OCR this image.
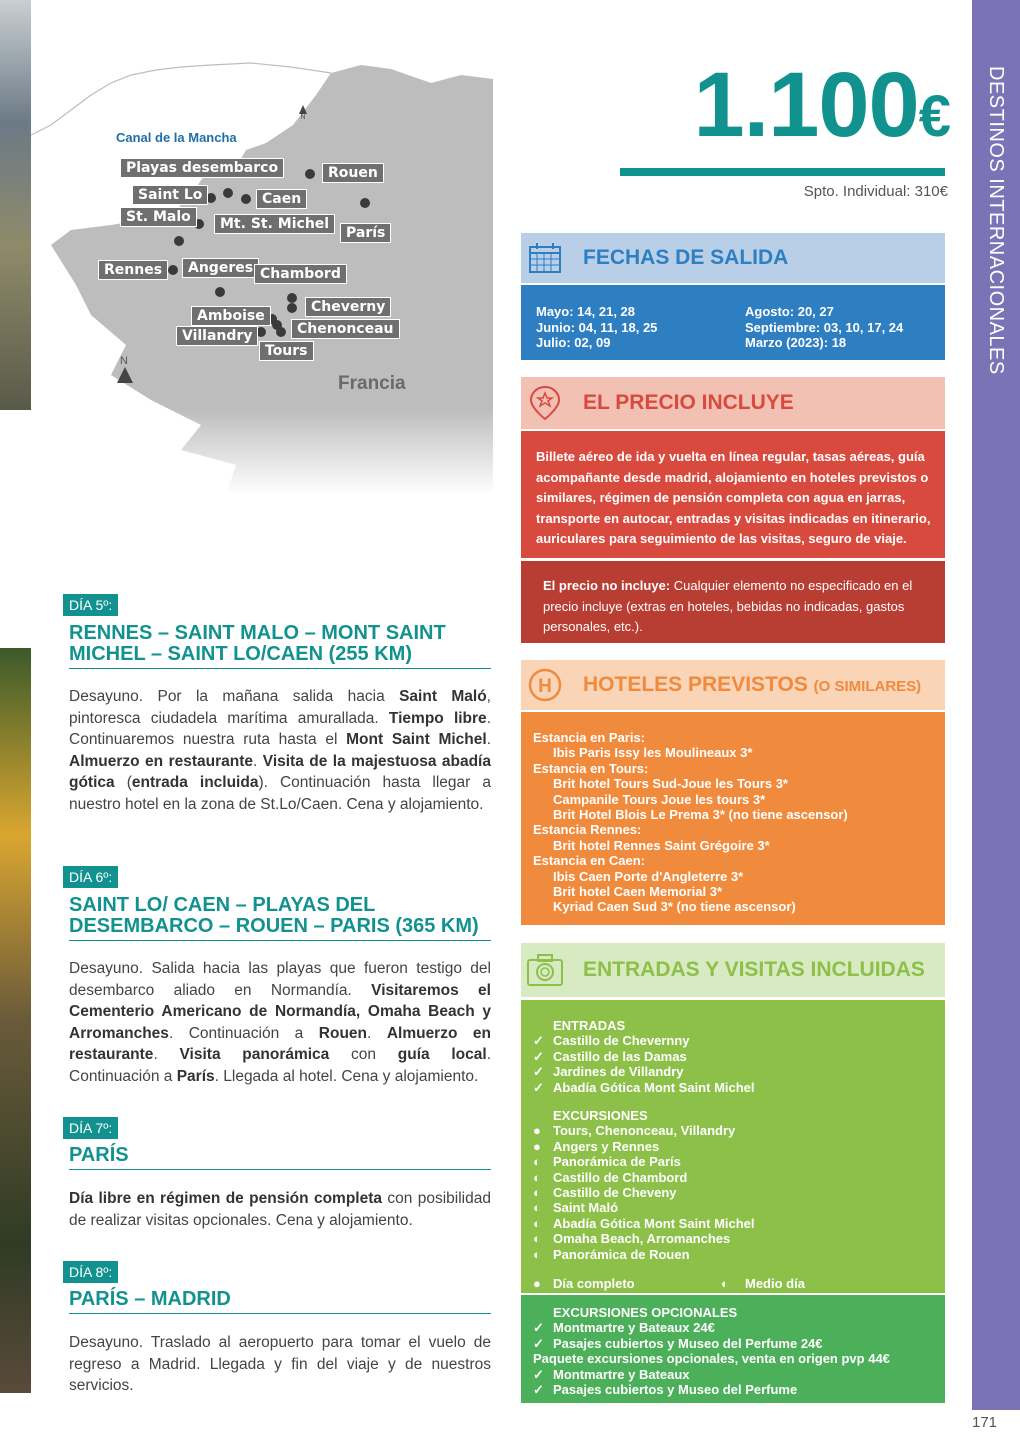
DESTINOS INTERNACIONALES
171
Canal de la Mancha
Francia
N
N
Playas desembarco	Rouen
Saint Lo	Caen
St. Malo	Mt. St. Michel
París
Rennes	Angeres Chambord
Cheverny
Amboise
Chenonceau
Villandry
Tours
1.100€
Spto. Individual: 310€
FECHAS DE SALIDA
Mayo: 14, 21, 28
Junio: 04, 11, 18, 25
Julio: 02, 09
Agosto: 20, 27
Septiembre: 03, 10, 17, 24
Marzo (2023): 18
EL PRECIO INCLUYE
Billete aéreo de ida y vuelta en línea regular, tasas aéreas, guía acompañante desde madrid, alojamiento en hoteles previstos o similares, régimen de pensión completa con agua en jarras, transporte en autocar, entradas y visitas indicadas en itinerario, auriculares para seguimiento de las visitas, seguro de viaje.
El precio no incluye: Cualquier elemento no especificado en el precio incluye (extras en hoteles, bebidas no indicadas, gastos personales, etc.).
H HOTELES PREVISTOS (O SIMILARES)
Estancia en Paris:
Ibis Paris Issy les Moulineaux 3*
Estancia en Tours:
Brit hotel Tours Sud-Joue les Tours 3*
Campanile Tours Joue les tours 3*
Brit Hotel Blois Le Prema 3* (no tiene ascensor)
Estancia Rennes:
Brit hotel Rennes Saint Grégoire 3*
Estancia en Caen:
Ibis Caen Porte d'Angleterre 3*
Brit hotel Caen Memorial 3*
Kyriad Caen Sud 3* (no tiene ascensor)
ENTRADAS Y VISITAS INCLUIDAS
ENTRADAS
✓ Castillo de Chevernny
✓ Castillo de las Damas
✓ Jardines de Villandry
✓ Abadía Gótica Mont Saint Michel
EXCURSIONES
● Tours, Chenonceau, Villandry
● Angers y Rennes
◐ Panorámica de París
◐ Castillo de Chambord
◐ Castillo de Cheveny
◐ Saint Maló
◐ Abadía Gótica Mont Saint Michel
◐ Omaha Beach, Arromanches
◐ Panorámica de Rouen
● Día completo	◐	Medio día
EXCURSIONES OPCIONALES
✓ Montmartre y Bateaux 24€
✓ Pasajes cubiertos y Museo del Perfume 24€
Paquete excursiones opcionales, venta en origen pvp 44€
✓ Montmartre y Bateaux
✓ Pasajes cubiertos y Museo del Perfume
DÍA 5º:
RENNES – SAINT MALO – MONT SAINT MICHEL – SAINT LO/CAEN (255 KM)
Desayuno. Por la mañana salida hacia Saint Maló, pintoresca ciudadela marítima amurallada. Tiempo libre. Continuaremos nuestra ruta hasta el Mont Saint Michel. Almuerzo en restaurante. Visita de la majestuosa abadía gótica (entrada incluida). Continuación hasta llegar a nuestro hotel en la zona de St.Lo/Caen. Cena y alojamiento.
DÍA 6º:
SAINT LO/ CAEN – PLAYAS DEL DESEMBARCO – ROUEN – PARIS (365 KM)
Desayuno. Salida hacia las playas que fueron testigo del desembarco aliado en Normandía. Visitaremos el Cementerio Americano de Normandía, Omaha Beach y Arromanches. Continuación a Rouen. Almuerzo en restaurante. Visita panorámica con guía local. Continuación a París. Llegada al hotel. Cena y alojamiento.
DÍA 7º:
PARÍS
Día libre en régimen de pensión completa con posibilidad de realizar visitas opcionales. Cena y alojamiento.
DÍA 8º:
PARÍS – MADRID
Desayuno. Traslado al aeropuerto para tomar el vuelo de regreso a Madrid. Llegada y fin del viaje y de nuestros servicios.
